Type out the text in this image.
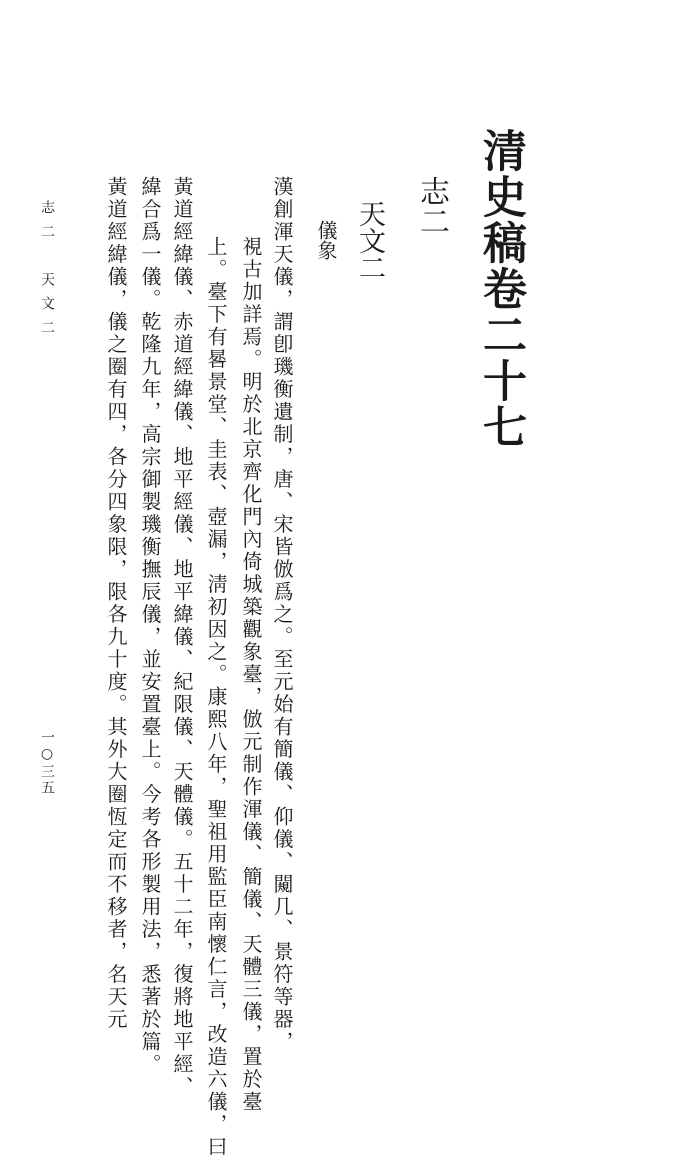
清史稿卷二十七
志二
天文二
儀象
漢創渾天儀，謂卽璣衡遺制，唐、宋皆倣爲之。至元始有簡儀、仰儀、闚几、景符等器，
視古加詳焉。明於北京齊化門內倚城築觀象臺，倣元制作渾儀、簡儀、天體三儀，置於臺
上。臺下有晷景堂、圭表、壺漏，淸初因之。康熙八年，聖祖用監臣南懷仁言，改造六儀，曰
黃道經緯儀、赤道經緯儀、地平經儀、地平緯儀、紀限儀、天體儀。五十二年，復將地平經、
緯合爲一儀。乾隆九年，高宗御製璣衡撫辰儀，並安置臺上。今考各形製用法，悉著於篇。
黃道經緯儀，儀之圈有四，各分四象限，限各九十度。其外大圈恆定而不移者，名天元
志二　天文二
一○三五
